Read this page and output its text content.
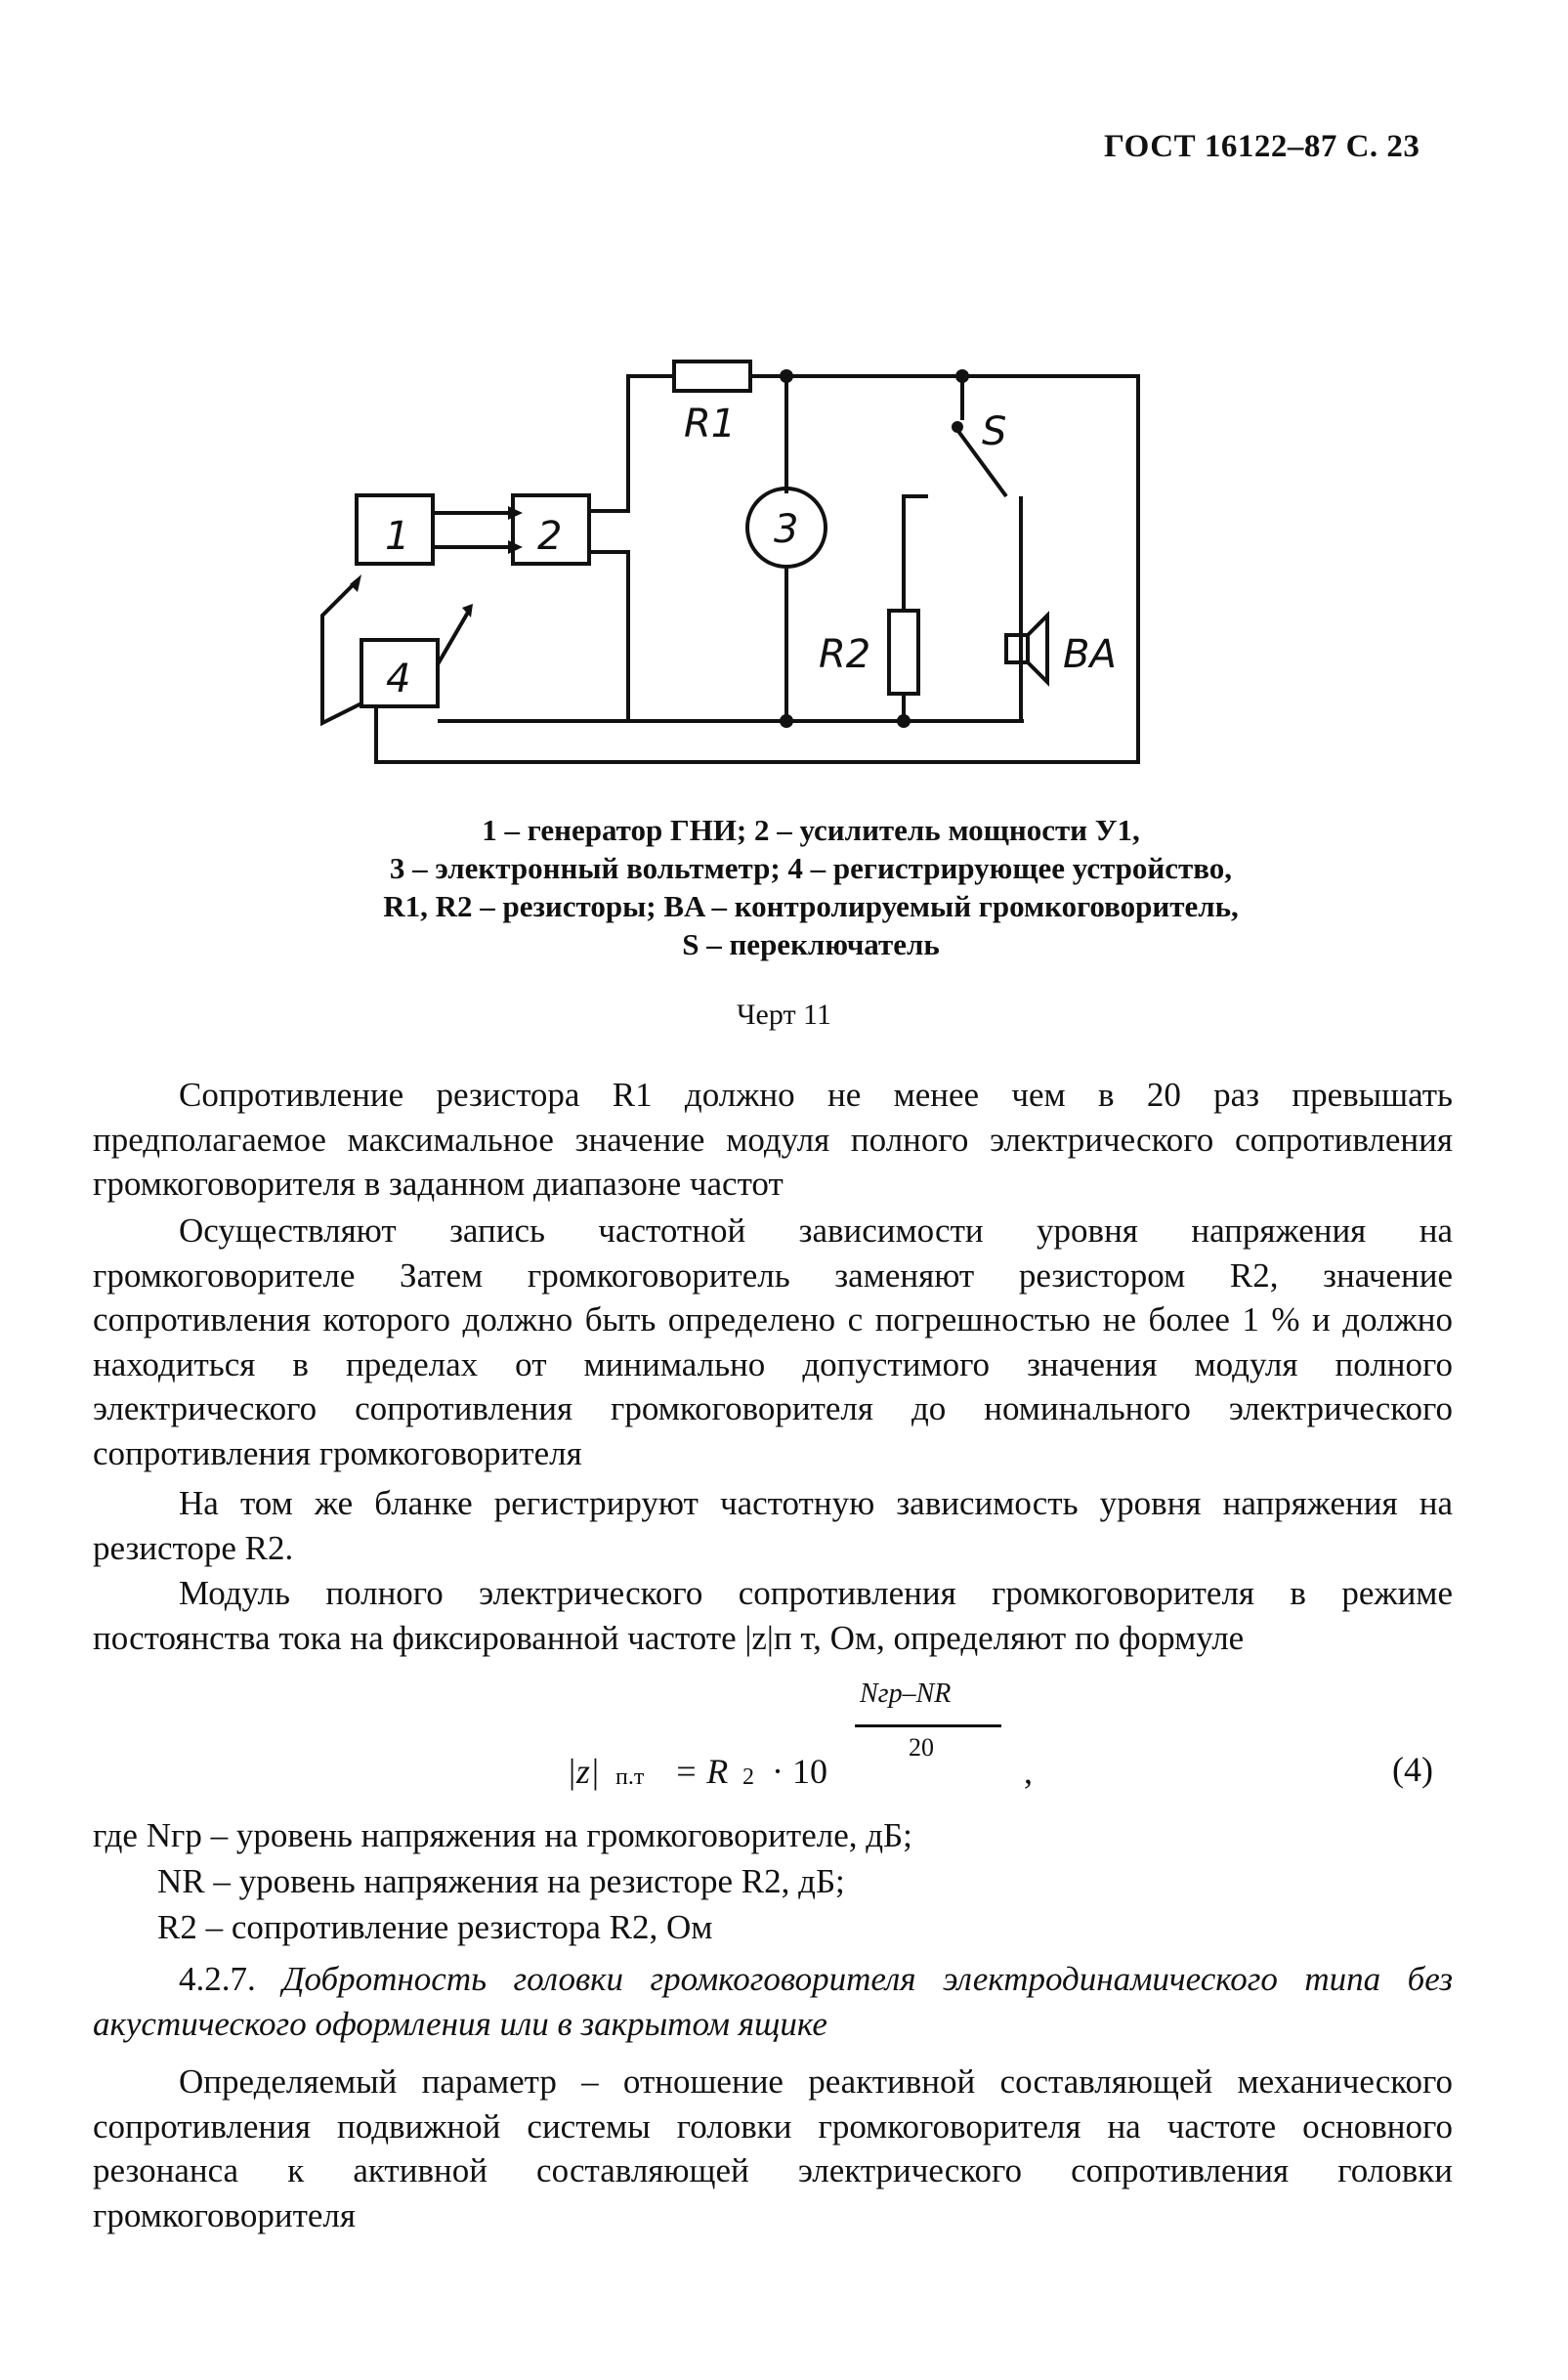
ГОСТ 16122–87 С. 23
1	2
4
3
R1
R2
S
BA
1 – генератор ГНИ; 2 – усилитель мощности У1,
3 – электронный вольтметр; 4 – регистрирующее устройство,
R1, R2 – резисторы; BA – контролируемый громкоговоритель,
S – переключатель
Черт 11

Сопротивление резистора R1 должно не менее чем в 20 раз превышать предполагаемое максимальное значение модуля полного электрического сопротивления громкоговорителя в заданном диапазоне частот

Осуществляют запись частотной зависимости уровня напряжения на громкоговорителе Затем громкоговоритель заменяют резистором R2, значение сопротивления которого должно быть определено с погрешностью не более 1 % и должно находиться в пределах от минимально допустимого значения модуля полного электрического сопротивления громкоговорителя до номинального электрического сопротивления громкоговорителя

На том же бланке регистрируют частотную зависимость уровня напряжения на резисторе R2.

Модуль полного электрического сопротивления громкоговорителя в режиме постоянства тока на фиксированной частоте |z|п т, Ом, определяют по формуле

|z| п.т = R 2 · 10
Nгр–NR
20
,	(4)
где Nгр – уровень напряжения на громкоговорителе, дБ;
NR – уровень напряжения на резисторе R2, дБ;
R2 – сопротивление резистора R2, Ом

4.2.7. Добротность головки громкоговорителя электродинамического типа без акустического оформления или в закрытом ящике

Определяемый параметр – отношение реактивной составляющей механического сопротивления подвижной системы головки громкоговорителя на частоте основного резонанса к активной составляющей электрического сопротивления головки громкоговорителя
